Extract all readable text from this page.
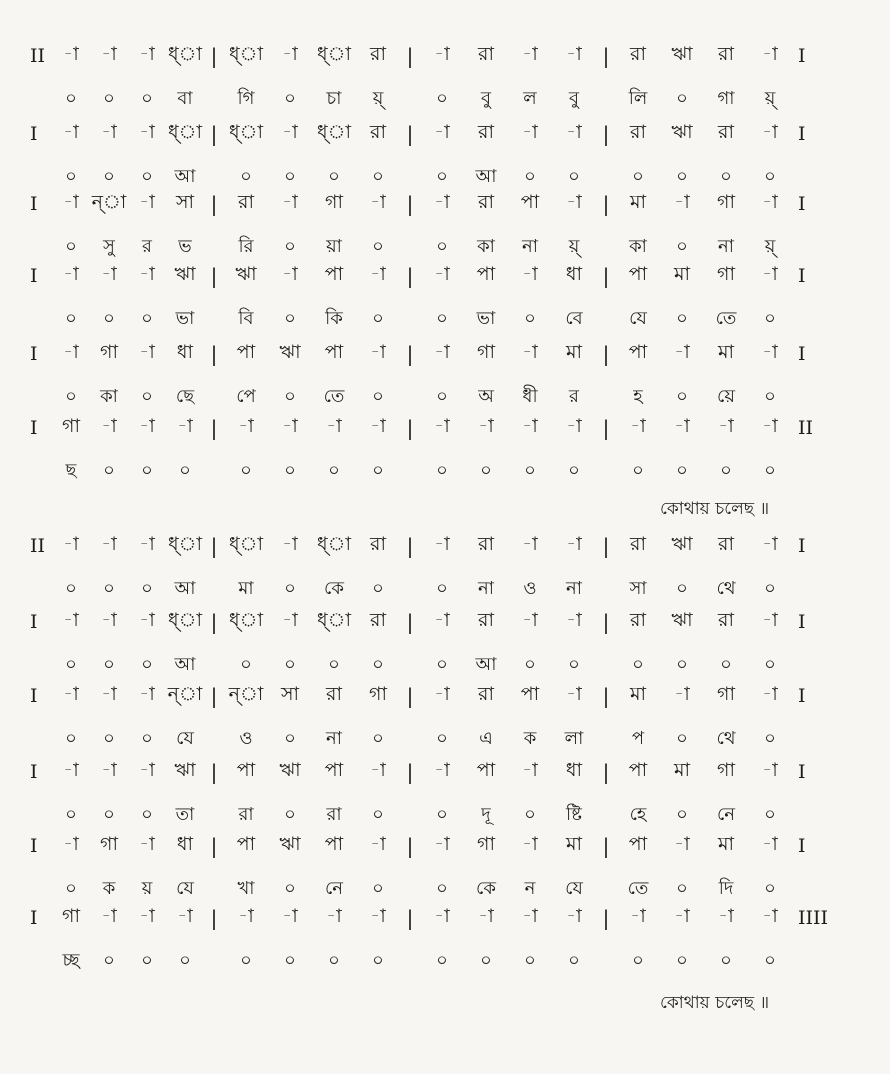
II -া	-া	-া ধ্া | ধ্া	-া	ধ্া	রা	|	-া	রা	-া	-া	|	রা	ঋা	রা	-া	I
০	০	০	বা	গি	০	চা	য়্	০	বু	ল	বু	লি	০	গা	য়্
I	-া	-া	-া ধ্া | ধ্া	-া	ধ্া	রা	|	-া	রা	-া	-া	|	রা	ঋা	রা	-া	I
০	০	০	আ	০	০	০	০	০	আ	০	০	০	০	০	০
I	-া ন্া -া	সা |	রা	-া	গা	-া	|	-া	রা	পা	-া	|	মা	-া	গা	-া	I
০	সু	র	ভ	রি	০	য়া	০	০	কা	না	য়্	কা	০	না	য়্
I	-া	-া	-া	ঋা | ঋা	-া	পা	-া	|	-া	পা	-া	ধা	|	পা	মা	গা	-া	I
০	০	০	ভা	বি	০	কি	০	০	ভা	০	বে	যে	০	তে	০
I	-া	গা	-া	ধা |	পা	ঋা	পা	-া	|	-া	গা	-া	মা	|	পা	-া	মা	-া	I
০	কা	০	ছে	পে	০	তে	০	০	অ	ধী	র	হ	০	য়ে	০
I	গা	-া	-া	-া |	-া	-া	-া	-া	|	-া	-া	-া	-া	|	-া	-া	-া	-া	II
ছ	০	০	০	০	০	০	০	০	০	০	০	০	০	০	০
II -া	-া	-া ধ্া | ধ্া	-া	ধ্া	রা	|	-া	রা	-া	-া	|	রা	ঋা	রা	-া	I
০	০	০	আ	মা	০	কে	০	০	না	ও	না	সা	০	থে	০
I	-া	-া	-া ধ্া | ধ্া	-া	ধ্া	রা	|	-া	রা	-া	-া	|	রা	ঋা	রা	-া	I
০	০	০	আ	০	০	০	০	০	আ	০	০	০	০	০	০
I	-া	-া	-া ন্া | ন্া সা	রা	গা |	-া	রা	পা	-া	|	মা	-া	গা	-া	I
০	০	০	যে	ও	০	না	০	০	এ	ক	লা	প	০	থে	০
I	-া	-া	-া	ঋা |	পা	ঋা	পা	-া	|	-া	পা	-া	ধা	|	পা	মা	গা	-া	I
০	০	০	তা	রা	০	রা	০	০	দূ	০	ষ্টি	হে	০	নে	০
I	-া	গা	-া	ধা |	পা	ঋা	পা	-া	|	-া	গা	-া	মা	|	পা	-া	মা	-া	I
০	ক	য়	যে	খা	০	নে	০	০	কে	ন	যে	তে	০	দি	০
I	গা	-া	-া	-া |	-া	-া	-া	-া	|	-া	-া	-া	-া	|	-া	-া	-া	-া	IIII
চ্ছ	০	০	০	০	০	০	০	০	০	০	০	০	০	০	০
কোথায় চলেছ ॥
কোথায় চলেছ ॥
